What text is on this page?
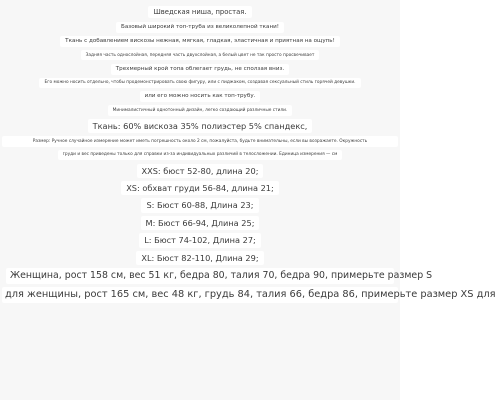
Шведская ниша, простая.
Базовый широкий топ-труба из великолепной ткани!
Ткань с добавлением вискозы нежная, мягкая, гладкая, эластичная и приятная на ощупь!
Задняя часть однослойная, передняя часть двухслойная, а белый цвет не так просто просвечивает
Трехмерный крой топа облегает грудь, не сползая вниз.
Его можно носить отдельно, чтобы продемонстрировать свою фигуру, или с пиджаком, создавая сексуальный стиль горячей девушки.
или его можно носить как топ-трубу.
Минималистичный однотонный дизайн, легко создающий различные стили.
Ткань: 60% вискоза 35% полиэстер 5% спандекс,
Размер: Ручное случайное измерение может иметь погрешность около 2 см, пожалуйста, будьте внимательны, если вы возражаете. Окружность
груди и вес приведены только для справки из-за индивидуальных различий в телосложении. Единица измерения — см
XXS: бюст 52-80, длина 20;
XS: обхват груди 56-84, длина 21;
S: Бюст 60-88, Длина 23;
M: Бюст 66-94, Длина 25;
L: Бюст 74-102, Длина 27;
XL: Бюст 82-110, Длина 29;
Женщина, рост 158 см, вес 51 кг, бедра 80, талия 70, бедра 90, примерьте размер S
для женщины, рост 165 см, вес 48 кг, грудь 84, талия 66, бедра 86, примерьте размер XS для
